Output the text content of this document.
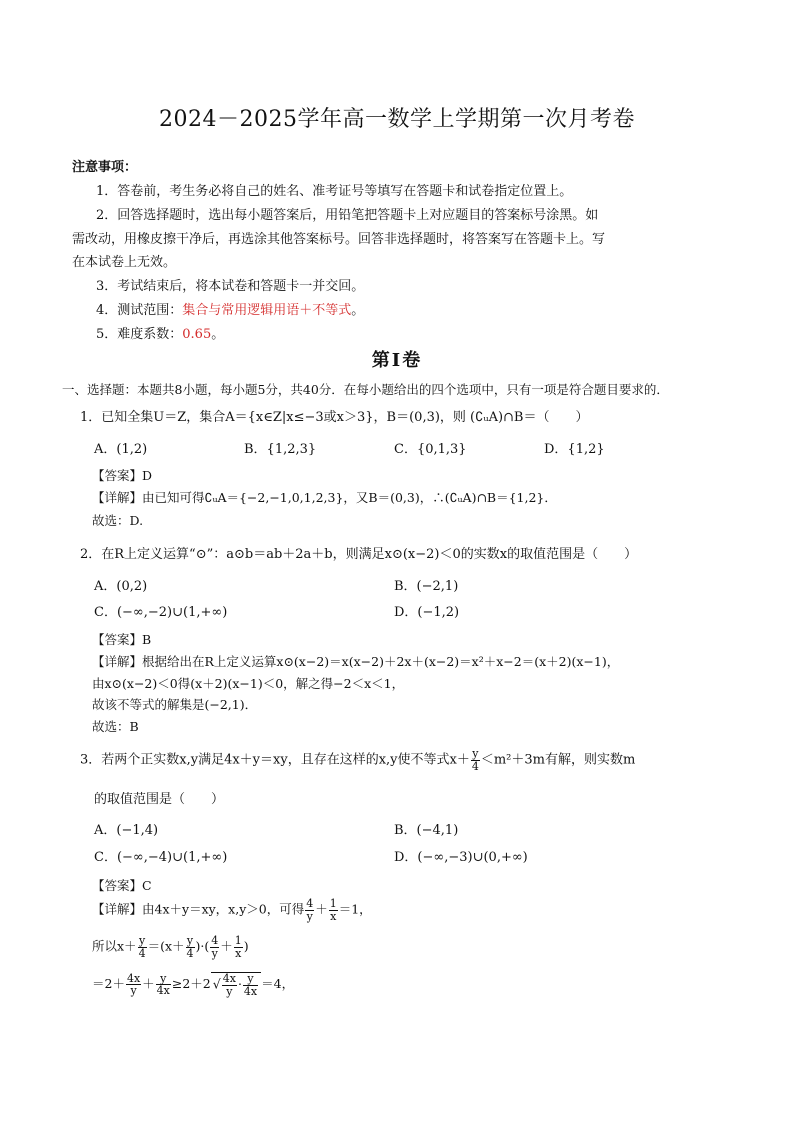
2024－2025学年高一数学上学期第一次月考卷
注意事项：
1．答卷前，考生务必将自己的姓名、准考证号等填写在答题卡和试卷指定位置上。
2．回答选择题时，选出每小题答案后，用铅笔把答题卡上对应题目的答案标号涂黑。如
需改动，用橡皮擦干净后，再选涂其他答案标号。回答非选择题时，将答案写在答题卡上。写
在本试卷上无效。
3．考试结束后，将本试卷和答题卡一并交回。
4．测试范围：集合与常用逻辑用语＋不等式。
5．难度系数：0.65。
第Ⅰ卷
一、选择题：本题共8小题，每小题5分，共40分．在每小题给出的四个选项中，只有一项是符合题目要求的．
1．已知全集U＝Z，集合A＝{x∈Z|x≤−3或x＞3}，B＝(0,3)，则 (∁ᵤA)∩B＝（　　）
A．(1,2)	B．{1,2,3}	C．{0,1,3}	D．{1,2}
【答案】D
【详解】由已知可得∁ᵤA＝{−2,−1,0,1,2,3}，又B＝(0,3)，∴(∁ᵤA)∩B＝{1,2}．
故选：D.
2．在R上定义运算“⊙”：a⊙b＝ab＋2a＋b，则满足x⊙(x−2)＜0的实数x的取值范围是（　　）
A．(0,2)	B．(−2,1)
C．(−∞,−2)∪(1,+∞)	D．(−1,2)
【答案】B
【详解】根据给出在R上定义运算x⊙(x−2)＝x(x−2)＋2x＋(x−2)＝x²＋x−2＝(x＋2)(x−1)，
由x⊙(x−2)＜0得(x＋2)(x−1)＜0，解之得−2＜x＜1，
故该不等式的解集是(−2,1)．
故选：B
3．若两个正实数x,y满足4x＋y＝xy，且存在这样的x,y使不等式$x+ \frac{y}{4} <m^2+3m$有解，则实数m
的取值范围是（　　）
A．(−1,4)	B．(−4,1)
C．(−∞,−4)∪(1,+∞)	D．(−∞,−3)∪(0,+∞)
【答案】C
【详解】由4x＋y＝xy，x,y＞0，可得 $\frac{4}{y} + \frac{1}{x} =1$，
所以$x+ \frac{y}{4} =(x+ \frac{y}{4}$ )·( $\frac{4}{y} + \frac{1}{x}$ )
$=2+ \frac{4x}{y} + \frac{y}{4x} \ge 2+2$ √ $\frac{4x}{y} \cdot \frac{y}{4x} =4$，
